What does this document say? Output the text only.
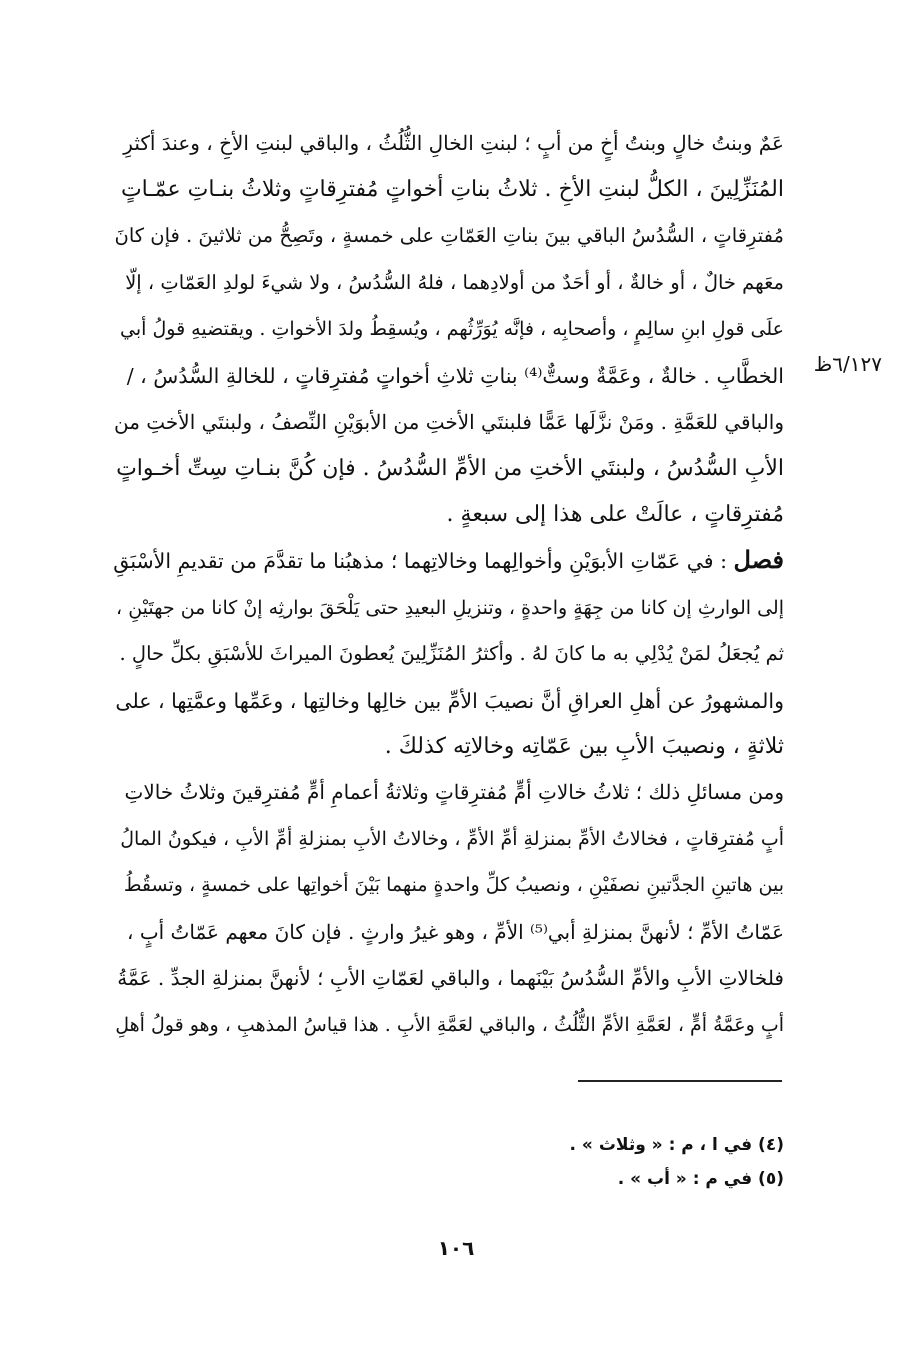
عَمٌ وبنتُ خالٍ وبنتُ أخٍ من أبٍ ؛ لبنتِ الخالِ الثُّلُثُ ، والباقي لبنتِ الأخِ ، وعندَ أكثرِ
المُنَزِّلِينَ ، الكلُّ لبنتِ الأخِ . ثلاثُ بناتِ أخواتٍ مُفترِقاتٍ وثلاثُ بنـاتِ عمّـاتٍ
مُفترِقاتٍ ، السُّدُسُ الباقي بينَ بناتِ العَمّاتِ على خمسةٍ ، وتَصِحُّ من ثلاثينَ . فإن كانَ
معَهم خالٌ ، أو خالةٌ ، أو أحَدٌ من أولادِهما ، فلهُ السُّدُسُ ، ولا شيءَ لولدِ العَمّاتِ ، إلّا
علَى قولِ ابنِ سالِمٍ ، وأصحابِه ، فإنَّه يُوَرِّثُهم ، ويُسقِطُ ولدَ الأخواتِ . ويقتضيهِ قولُ أبي
الخطَّابِ . خالةٌ ، وعَمَّةٌ وستٌّ⁽⁴⁾ بناتِ ثلاثِ أخواتٍ مُفترِقاتٍ ، للخالةِ السُّدُسُ ، /
والباقي للعَمَّةِ . ومَنْ نزَّلَها عَمًّا فلبنتَي الأختِ من الأبوَيْنِ النِّصفُ ، ولبنتَي الأختِ من
الأبِ السُّدُسُ ، ولبنتَي الأختِ من الأمِّ السُّدُسُ . فإن كُنَّ بنـاتِ سِتِّ أخـواتٍ
مُفترِقاتٍ ، عالَتْ على هذا إلى سبعةٍ .
٦/١٢٧ظ
فصل : في عَمّاتِ الأبوَيْنِ وأخوالِهما وخالاتِهما ؛ مذهبُنا ما تقدَّمَ من تقديمِ الأسْبَقِ
إلى الوارثِ إن كانا من جِهَةٍ واحدةٍ ، وتنزيلِ البعيدِ حتى يَلْحَقَ بوارثِه إنْ كانا من جهتَيْنِ ،
ثم يُجعَلُ لمَنْ يُدْلِي به ما كانَ لهُ . وأكثرُ المُنَزِّلِينَ يُعطونَ الميراثَ للأسْبَقِ بكلِّ حالٍ .
والمشهورُ عن أهلِ العراقِ أنَّ نصيبَ الأمِّ بين خالِها وخالتِها ، وعَمِّها وعمَّتِها ، على
ثلاثةٍ ، ونصيبَ الأبِ بين عَمّاتِه وخالاتِه كذلكَ .
ومن مسائلِ ذلك ؛ ثلاثُ خالاتِ أمٍّ مُفترِقاتٍ وثلاثةُ أعمامِ أمٍّ مُفترِقينَ وثلاثُ خالاتِ
أبٍ مُفترِقاتٍ ، فخالاتُ الأمِّ بمنزلةِ أمِّ الأمِّ ، وخالاتُ الأبِ بمنزلةِ أمِّ الأبِ ، فيكونُ المالُ
بين هاتينِ الجدَّتينِ نصفَيْنِ ، ونصيبُ كلِّ واحدةٍ منهما بَيْنَ أخواتِها على خمسةٍ ، وتسقُطُ
عَمّاتُ الأمِّ ؛ لأنهنَّ بمنزلةِ أبي⁽⁵⁾ الأمِّ ، وهو غيرُ وارثٍ . فإن كانَ معهم عَمّاتُ أبٍ ،
فلخالاتِ الأبِ والأمِّ السُّدُسُ بَيْنَهما ، والباقي لعَمّاتِ الأبِ ؛ لأنهنَّ بمنزلةِ الجدِّ . عَمَّةُ
أبٍ وعَمَّةُ أمٍّ ، لعَمَّةِ الأمِّ الثُّلُثُ ، والباقي لعَمَّةِ الأبِ . هذا قياسُ المذهبِ ، وهو قولُ أهلِ
(٤) في ا ، م : « وثلاث » .
(٥) في م : « أب » .
١٠٦
